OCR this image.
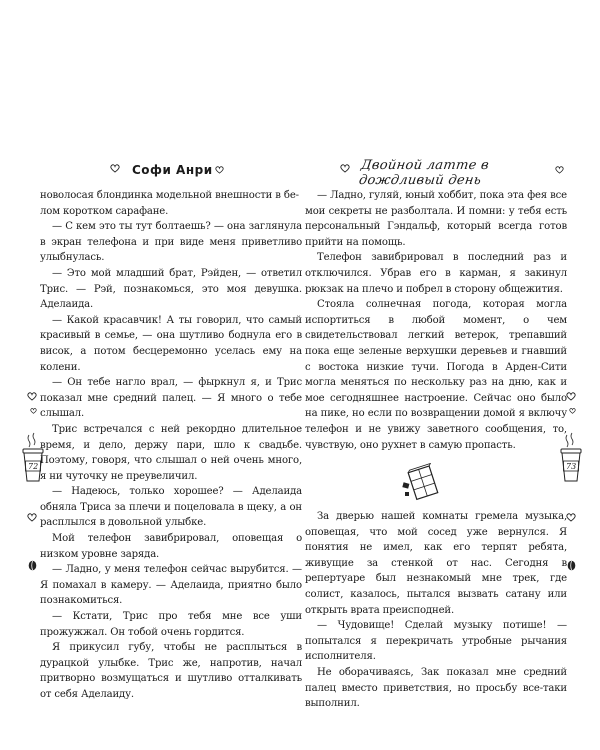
Софи Анри

новолосая блондинка модельной внешности в бе-

лом коротком сарафане.

— С кем это ты тут болтаешь? — она заглянула в экран телефона и при виде меня приветливо улыбнулась.

— Это мой младший брат, Рэйден, — ответил Трис. — Рэй, познакомься, это моя девушка. Аделаида.

— Какой красавчик! А ты говорил, что самый красивый в семье, — она шутливо боднула его в висок, а потом бесцеремонно уселась ему на колени.

— Он тебе нагло врал, — фыркнул я, и Трис показал мне средний палец. — Я много о тебе слышал.

Трис встречался с ней рекордно длительное время, и дело, держу пари, шло к свадьбе. Поэтому, говоря, что слышал о ней очень много, я ни чуточку не преувеличил.

— Надеюсь, только хорошее? — Аделаида обняла Триса за плечи и поцеловала в щеку, а он расплылся в довольной улыбке.

Мой телефон завибрировал, оповещая о низком уровне заряда.

— Ладно, у меня телефон сейчас вырубится. — Я помахал в камеру. — Аделаида, приятно было познакомиться.

— Кстати, Трис про тебя мне все уши прожужжал. Он тобой очень гордится.

Я прикусил губу, чтобы не расплыться в дурацкой улыбке. Трис же, напротив, начал притворно возмущаться и шутливо отталкивать от себя Аделаиду.

72
Двойной латте в дождливый день

— Ладно, гуляй, юный хоббит, пока эта фея все мои секреты не разболтала. И помни: у тебя есть персональный Гэндальф, который всегда готов прийти на помощь.

Телефон завибрировал в последний раз и отключился. Убрав его в карман, я закинул рюкзак на плечо и побрел в сторону общежития.

Стояла солнечная погода, которая могла испортиться в любой момент, о чем свидетельствовал легкий ветерок, трепавший пока еще зеленые верхушки деревьев и гнавший с востока низкие тучи. Погода в Арден-Сити могла меняться по нескольку раз на дню, как и мое сегодняшнее настроение. Сейчас оно было на пике, но если по возвращении домой я включу телефон и не увижу заветного сообщения, то, чувствую, оно рухнет в самую пропасть.

За дверью нашей комнаты гремела музыка, оповещая, что мой сосед уже вернулся. Я понятия не имел, как его терпят ребята, живущие за стенкой от нас. Сегодня в репертуаре был незнакомый мне трек, где солист, казалось, пытался вызвать сатану или открыть врата преисподней.

— Чудовище! Сделай музыку потише! — попытался я перекричать утробные рычания исполнителя.

Не оборачиваясь, Зак показал мне средний палец вместо приветствия, но просьбу все-таки выполнил.

73
